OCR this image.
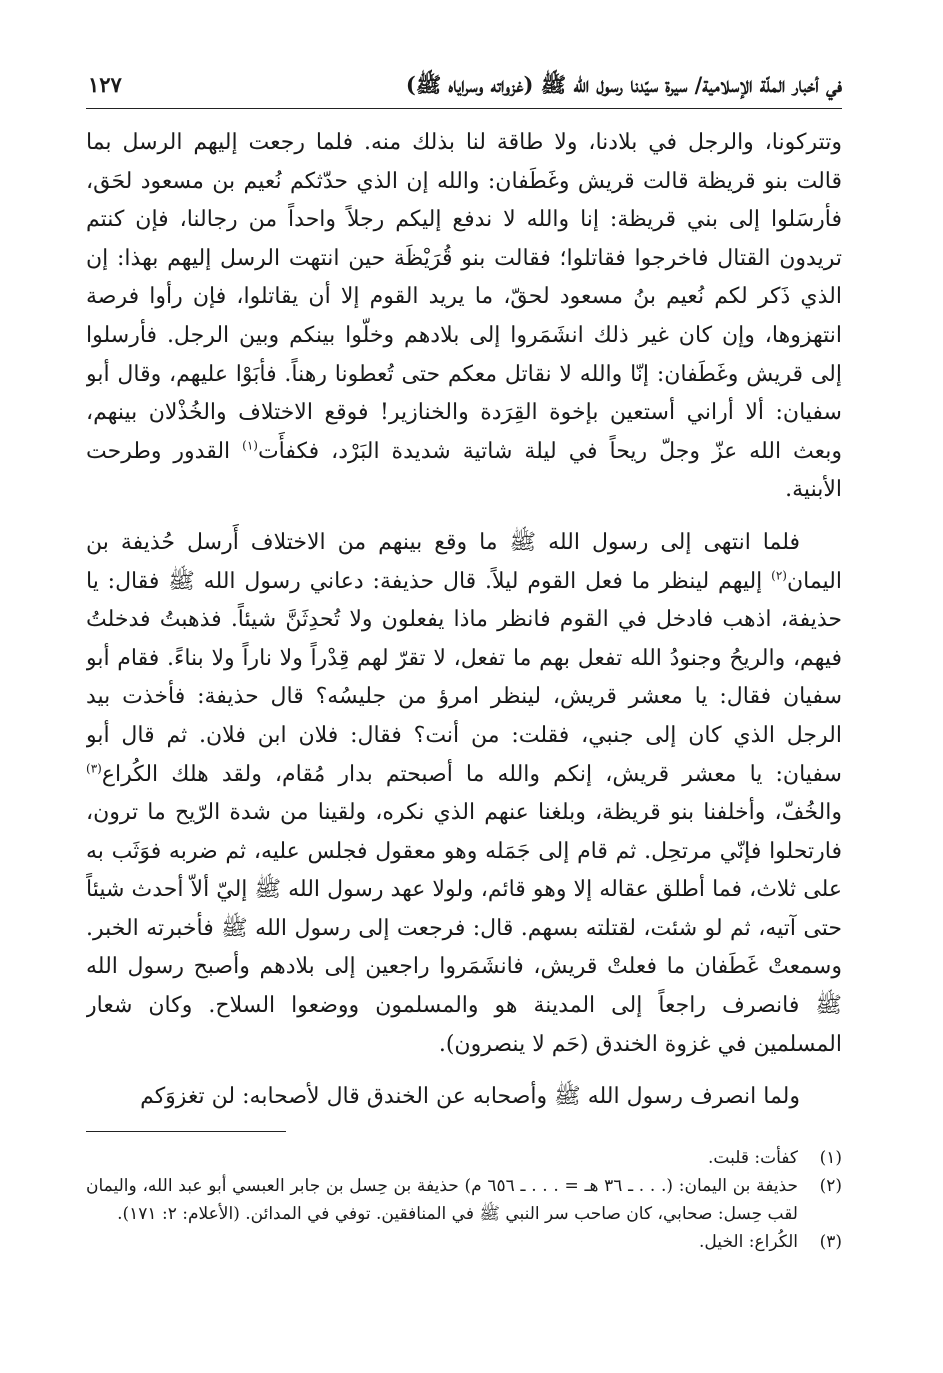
في أخبار الملّة الإسلامية/ سيرة سيّدنا رسول الله ﷺ (غزواته وسراياه ﷺ)
١٢٧

وتتركونا، والرجل في بلادنا، ولا طاقة لنا بذلك منه. فلما رجعت إليهم الرسل بما قالت بنو قريظة قالت قريش وغَطَفان: والله إن الذي حدّثكم نُعيم بن مسعود لحَق، فأرسَلوا إلى بني قريظة: إنا والله لا ندفع إليكم رجلاً واحداً من رجالنا، فإن كنتم تريدون القتال فاخرجوا فقاتلوا؛ فقالت بنو قُرَيْظَة حين انتهت الرسل إليهم بهذا: إن الذي ذَكر لكم نُعيم بنُ مسعود لحقّ، ما يريد القوم إلا أن يقاتلوا، فإن رأوا فرصة انتهزوها، وإن كان غير ذلك انشَمَروا إلى بلادهم وخلّوا بينكم وبين الرجل. فأرسلوا إلى قريش وغَطَفان: إنّا والله لا نقاتل معكم حتى تُعطونا رهناً. فأبَوْا عليهم، وقال أبو سفيان: ألا أراني أستعين بإخوة القِرَدة والخنازير! فوقع الاختلاف والخُذْلان بينهم، وبعث الله عزّ وجلّ ريحاً في ليلة شاتية شديدة البَرْد، فكفأَت$^{(١)}$ القدور وطرحت الأبنية.

فلما انتهى إلى رسول الله ﷺ ما وقع بينهم من الاختلاف أَرسل حُذيفة بن اليمان$^{(٢)}$ إليهم لينظر ما فعل القوم ليلاً. قال حذيفة: دعاني رسول الله ﷺ فقال: يا حذيفة، اذهب فادخل في القوم فانظر ماذا يفعلون ولا تُحدِثَنَّ شيئاً. فذهبتُ فدخلتُ فيهم، والريحُ وجنودُ الله تفعل بهم ما تفعل، لا تقرّ لهم قِدْراً ولا ناراً ولا بناءً. فقام أبو سفيان فقال: يا معشر قريش، لينظر امرؤ من جليسُه؟ قال حذيفة: فأخذت بيد الرجل الذي كان إلى جنبي، فقلت: من أنت؟ فقال: فلان ابن فلان. ثم قال أبو سفيان: يا معشر قريش، إنكم والله ما أصبحتم بدار مُقام، ولقد هلك الكُراع$^{(٣)}$ والخُفّ، وأخلفنا بنو قريظة، وبلغنا عنهم الذي نكره، ولقينا من شدة الرّيح ما ترون، فارتحلوا فإنّي مرتحِل. ثم قام إلى جَمَله وهو معقول فجلس عليه، ثم ضربه فوَثَب به على ثلاث، فما أطلق عقاله إلا وهو قائم، ولولا عهد رسول الله ﷺ إليّ ألاّ أحدث شيئاً حتى آتيه، ثم لو شئت، لقتلته بسهم. قال: فرجعت إلى رسول الله ﷺ فأخبرته الخبر. وسمعتْ غَطَفان ما فعلتْ قريش، فانشَمَروا راجعين إلى بلادهم وأصبح رسول الله ﷺ فانصرف راجعاً إلى المدينة هو والمسلمون ووضعوا السلاح. وكان شعار المسلمين في غزوة الخندق (حَم لا ينصرون).

ولما انصرف رسول الله ﷺ وأصحابه عن الخندق قال لأصحابه: لن تغزوَكم

(١)
كفأت: قلبت.
(٢)
حذيفة بن اليمان: (. . . ـ ٣٦ هـ = . . . ـ ٦٥٦ م) حذيفة بن حِسل بن جابر العبسي أبو عبد الله، واليمان لقب حِسل: صحابي، كان صاحب سر النبي ﷺ في المنافقين. توفي في المدائن. (الأعلام: ٢: ١٧١).
(٣)
الكُراع: الخيل.
